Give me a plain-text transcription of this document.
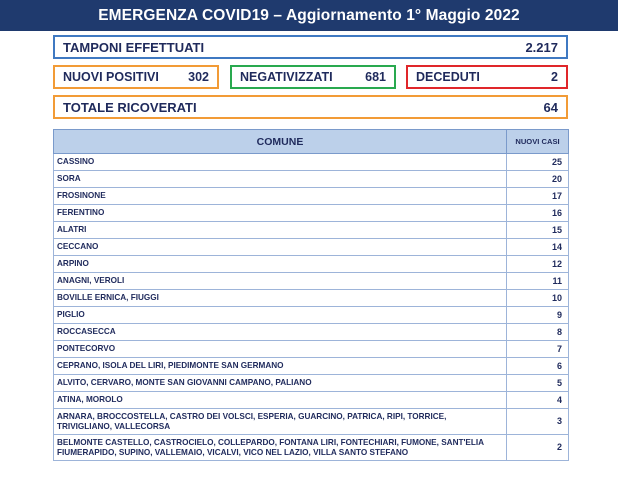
EMERGENZA COVID19 – Aggiornamento 1° Maggio 2022
TAMPONI EFFETTUATI	2.217
NUOVI POSITIVI 302 NEGATIVIZZATI	681 DECEDUTI	2
TOTALE RICOVERATI	64
COMUNE	NUOVI CASI
CASSINO	25
SORA	20
FROSINONE	17
FERENTINO	16
ALATRI	15
CECCANO	14
ARPINO	12
ANAGNI, VEROLI	11
BOVILLE ERNICA, FIUGGI	10
PIGLIO	9
ROCCASECCA	8
PONTECORVO	7
CEPRANO, ISOLA DEL LIRI, PIEDIMONTE SAN GERMANO	6
ALVITO, CERVARO, MONTE SAN GIOVANNI CAMPANO, PALIANO	5
ATINA, MOROLO	4
ARNARA, BROCCOSTELLA, CASTRO DEI VOLSCI, ESPERIA, GUARCINO, PATRICA, RIPI, TORRICE, TRIVIGLIANO, VALLECORSA	3
BELMONTE CASTELLO, CASTROCIELO, COLLEPARDO, FONTANA LIRI, FONTECHIARI, FUMONE, SANT'ELIA FIUMERAPIDO, SUPINO, VALLEMAIO, VICALVI, VICO NEL LAZIO, VILLA SANTO STEFANO	2
